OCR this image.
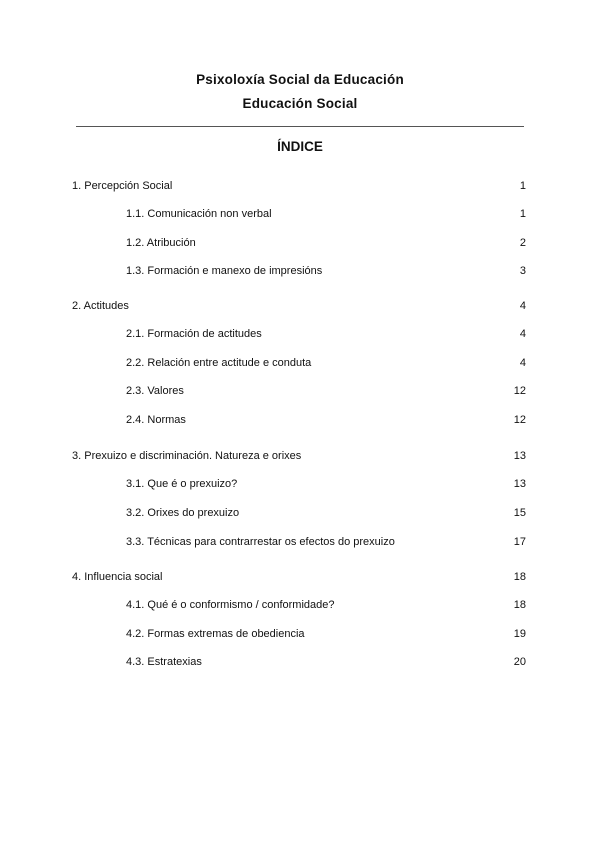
Psixoloxía Social da Educación
Educación Social
ÍNDICE
1. Percepción Social	1
1.1. Comunicación non verbal	1
1.2. Atribución	2
1.3. Formación e manexo de impresións	3
2. Actitudes	4
2.1. Formación de actitudes	4
2.2. Relación entre actitude e conduta	4
2.3. Valores	12
2.4. Normas	12
3. Prexuizo e discriminación. Natureza e orixes	13
3.1. Que é o prexuizo?	13
3.2. Orixes do prexuizo	15
3.3. Técnicas para contrarrestar os efectos do prexuizo	17
4. Influencia social	18
4.1. Qué é o conformismo / conformidade?	18
4.2. Formas extremas de obediencia	19
4.3. Estratexias	20
